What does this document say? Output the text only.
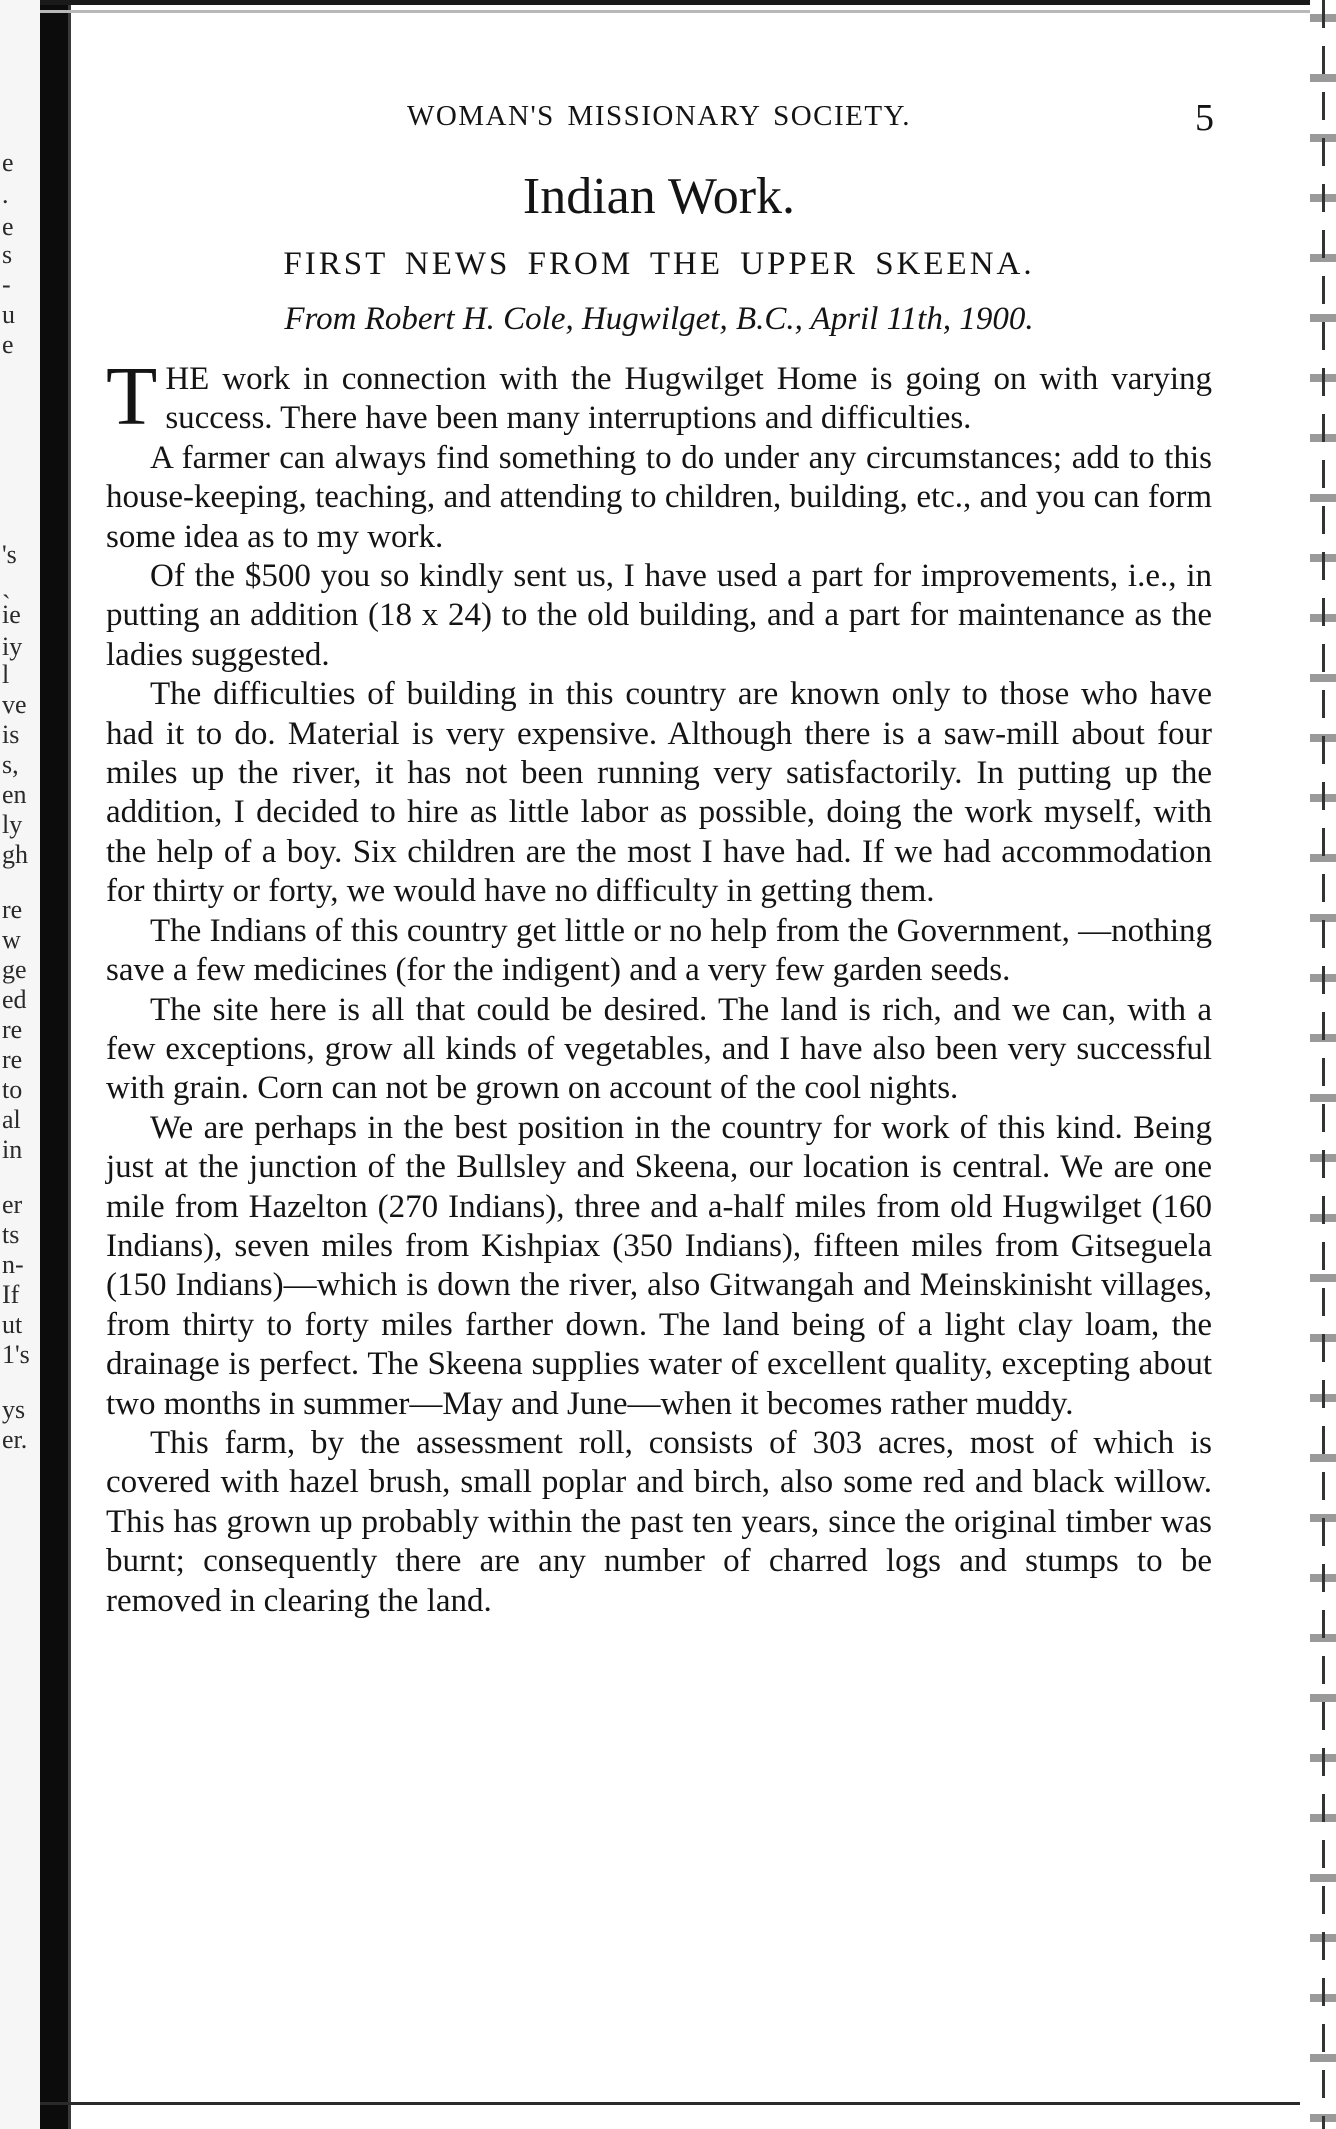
e
.
e
s
-
u
e
's
ˎ
ie
iy
l
ve
is
s,
en
ly
gh
re
w
ge
ed
re
re
to
al
in
er
ts
n-
If
ut
1's
ys
er.
WOMAN'S MISSIONARY SOCIETY.	5
Indian Work.
FIRST NEWS FROM THE UPPER SKEENA.
From Robert H. Cole, Hugwilget, B.C., April 11th, 1900.

THE work in connection with the Hugwilget Home is going on with varying success. There have been many interruptions and difficulties.

A farmer can always find something to do under any circumstances; add to this house-keeping, teaching, and attending to children, building, etc., and you can form some idea as to my work.

Of the $500 you so kindly sent us, I have used a part for improvements, i.e., in putting an addition (18 x 24) to the old building, and a part for maintenance as the ladies suggested.

The difficulties of building in this country are known only to those who have had it to do. Material is very expensive. Although there is a saw-mill about four miles up the river, it has not been running very satisfactorily. In putting up the addition, I decided to hire as little labor as possible, doing the work myself, with the help of a boy. Six children are the most I have had. If we had accommodation for thirty or forty, we would have no difficulty in getting them.

The Indians of this country get little or no help from the Government, —nothing save a few medicines (for the indigent) and a very few garden seeds.

The site here is all that could be desired. The land is rich, and we can, with a few exceptions, grow all kinds of vegetables, and I have also been very successful with grain. Corn can not be grown on account of the cool nights.

We are perhaps in the best position in the country for work of this kind. Being just at the junction of the Bullsley and Skeena, our location is central. We are one mile from Hazelton (270 Indians), three and a-half miles from old Hugwilget (160 Indians), seven miles from Kishpiax (350 Indians), fifteen miles from Gitseguela (150 Indians)—which is down the river, also Gitwangah and Meinskinisht villages, from thirty to forty miles farther down. The land being of a light clay loam, the drainage is perfect. The Skeena supplies water of excellent quality, excepting about two months in summer—May and June—when it becomes rather muddy.

This farm, by the assessment roll, consists of 303 acres, most of which is covered with hazel brush, small poplar and birch, also some red and black willow. This has grown up probably within the past ten years, since the original timber was burnt; consequently there are any number of charred logs and stumps to be removed in clearing the land.
